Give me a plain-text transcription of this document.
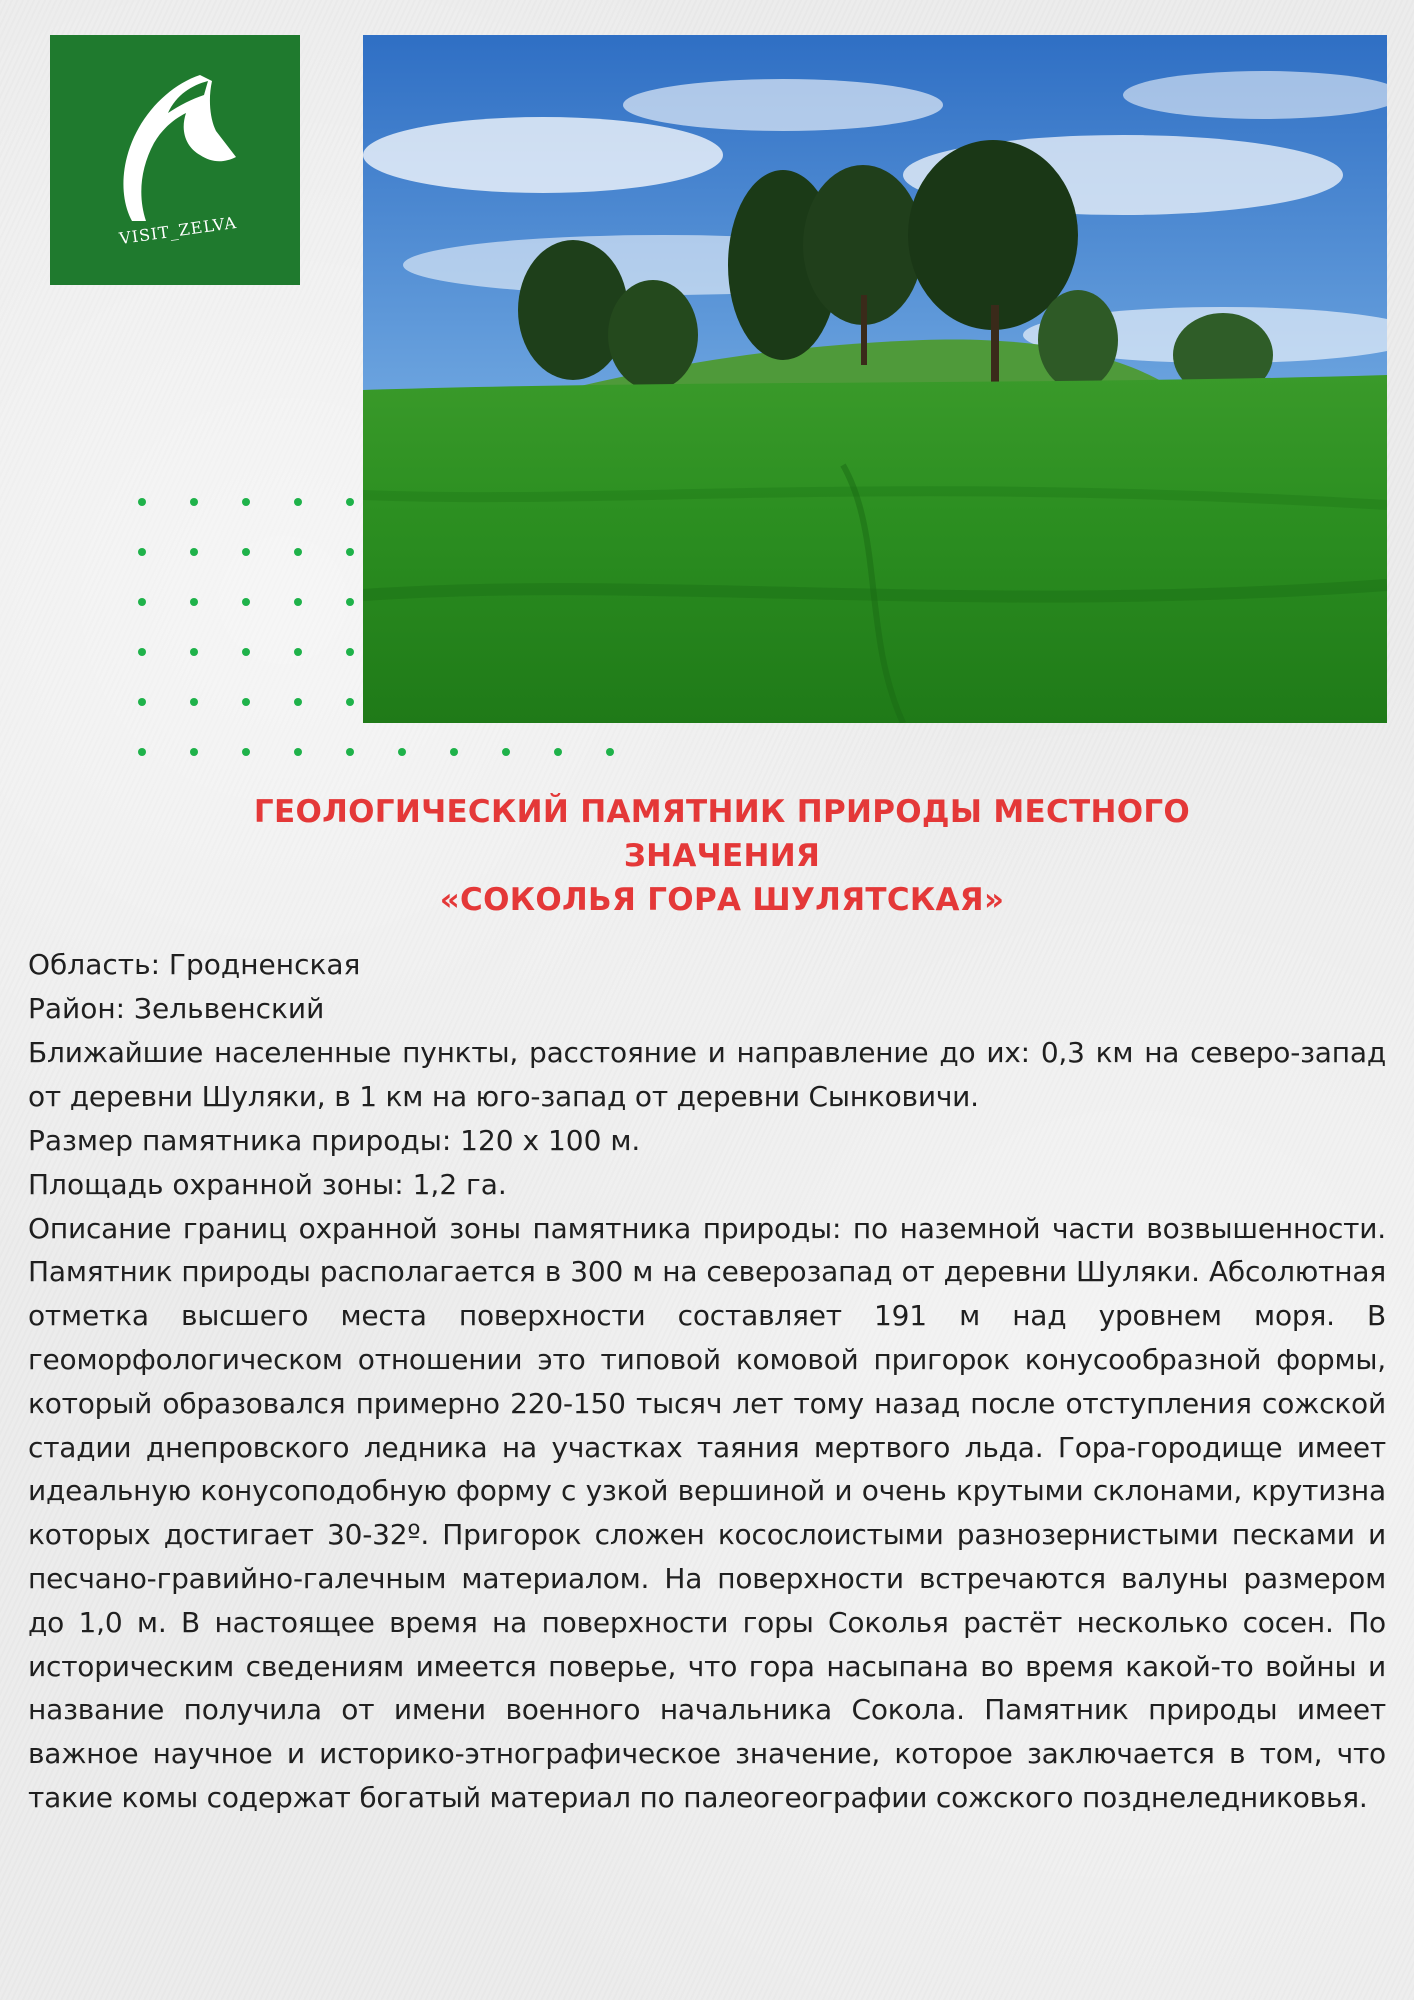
VISIT_ZELVA
ГЕОЛОГИЧЕСКИЙ ПАМЯТНИК ПРИРОДЫ МЕСТНОГО
ЗНАЧЕНИЯ
«СОКОЛЬЯ ГОРА ШУЛЯТСКАЯ»
Область: Гродненская
Район: Зельвенский
Ближайшие населенные пункты, расстояние и направление до их: 0,3 км на северо-запад от деревни Шуляки, в 1 км на юго-запад от деревни Сынковичи.
Размер памятника природы: 120 х 100 м.
Площадь охранной зоны: 1,2 га.
Описание границ охранной зоны памятника природы: по наземной части возвышенности. Памятник природы располагается в 300 м на северозапад от деревни Шуляки. Абсолютная отметка высшего места поверхности составляет 191 м над уровнем моря. В геоморфологическом отношении это типовой комовой пригорок конусообразной формы, который образовался примерно 220-150 тысяч лет тому назад после отступления сожской стадии днепровского ледника на участках таяния мертвого льда. Гора-городище имеет идеальную конусоподобную форму с узкой вершиной и очень крутыми склонами, крутизна которых достигает 30-32º. Пригорок сложен косослоистыми разнозернистыми песками и песчано-гравийно-галечным материалом. На поверхности встречаются валуны размером до 1,0 м. В настоящее время на поверхности горы Соколья растёт несколько сосен. По историческим сведениям имеется поверье, что гора насыпана во время какой-то войны и название получила от имени военного начальника Сокола. Памятник природы имеет важное научное и историко-этнографическое значение, которое заключается в том, что такие комы содержат богатый материал по палеогеографии сожского позднеледниковья.
